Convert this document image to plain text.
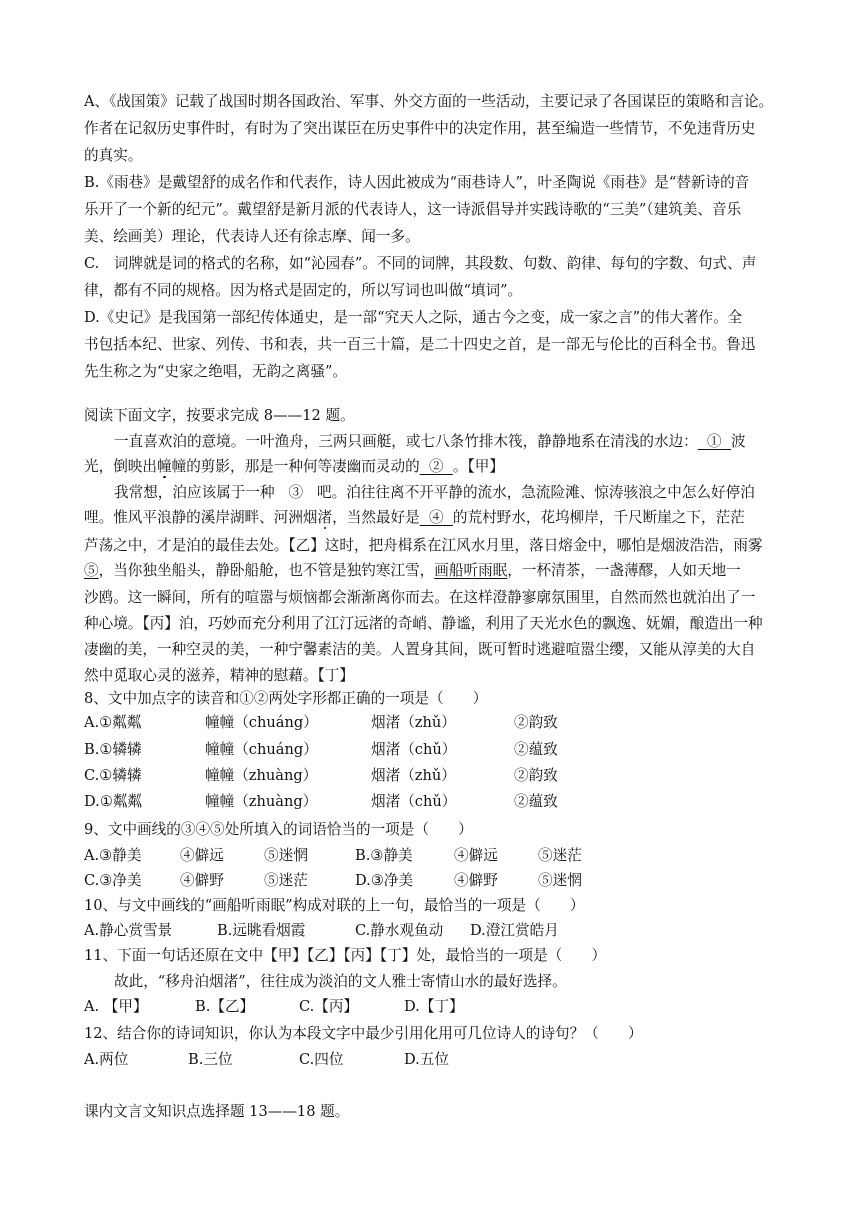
A、《战国策》记载了战国时期各国政治、军事、外交方面的一些活动，主要记录了各国谋臣的策略和言论。
作者在记叙历史事件时，有时为了突出谋臣在历史事件中的决定作用，甚至编造一些情节，不免违背历史
的真实。
B.《雨巷》是戴望舒的成名作和代表作，诗人因此被成为“雨巷诗人”，叶圣陶说《雨巷》是“替新诗的音
乐开了一个新的纪元”。戴望舒是新月派的代表诗人，这一诗派倡导并实践诗歌的“三美”（建筑美、音乐
美、绘画美）理论，代表诗人还有徐志摩、闻一多。
C.　词牌就是词的格式的名称，如“沁园春”。不同的词牌，其段数、句数、韵律、每句的字数、句式、声
律，都有不同的规格。因为格式是固定的，所以写词也叫做“填词”。
D.《史记》是我国第一部纪传体通史，是一部“究天人之际，通古今之变，成一家之言”的伟大著作。全
书包括本纪、世家、列传、书和表，共一百三十篇，是二十四史之首，是一部无与伦比的百科全书。鲁迅
先生称之为“史家之绝唱，无韵之离骚”。
阅读下面文字，按要求完成 8——12 题。
一直喜欢泊的意境。一叶渔舟，三两只画艇，或七八条竹排木筏，静静地系在清浅的水边： ① 波
光，倒映出幢幢的剪影，那是一种何等凄幽而灵动的 ② 。【甲】
我常想，泊应该属于一种 ③ 吧。泊往往离不开平静的流水，急流险滩、惊涛骇浪之中怎么好停泊
哩。惟风平浪静的溪岸湖畔、河洲烟渚，当然最好是 ④ 的荒村野水，花坞柳岸，千尺断崖之下，茫茫
芦荡之中，才是泊的最佳去处。【乙】这时，把舟楫系在江风水月里，落日熔金中，哪怕是烟波浩浩，雨雾
⑤，当你独坐船头，静卧船舱，也不管是独钓寒江雪，画船听雨眠，一杯清茶，一盏薄醪，人如天地一
沙鸥。这一瞬间，所有的喧嚣与烦恼都会渐渐离你而去。在这样澄静寥廓氛围里，自然而然也就泊出了一
种心境。【丙】泊，巧妙而充分利用了江汀远渚的奇峭、静谧，利用了天光水色的飘逸、妩媚，酿造出一种
凄幽的美，一种空灵的美，一种宁馨素洁的美。人置身其间，既可暂时逃避喧嚣尘缨，又能从淳美的大自
然中觅取心灵的滋养，精神的慰藉。【丁】
8、文中加点字的读音和①②两处字形都正确的一项是（　　）
A.①粼粼	幢幢（chuáng）	烟渚（zhǔ）	②韵致
B.①辚辚	幢幢（chuáng）	烟渚（chǔ）	②蕴致
C.①辚辚	幢幢（zhuàng）	烟渚（zhǔ）	②韵致
D.①粼粼	幢幢（zhuàng）	烟渚（chǔ）	②蕴致
9、文中画线的③④⑤处所填入的词语恰当的一项是（　　）
A.③静美	④僻远	⑤迷惘	B.③静美	④僻远	⑤迷茫
C.③净美	④僻野	⑤迷茫	D.③净美	④僻野	⑤迷惘
10、与文中画线的“画船听雨眠”构成对联的上一句，最恰当的一项是（　　）
A.静心赏雪景	B.远眺看烟霞	C.静水观鱼动 D.澄江赏皓月
11、下面一句话还原在文中【甲】【乙】【丙】【丁】处，最恰当的一项是（　　）
故此，“移舟泊烟渚”，往往成为淡泊的文人雅士寄情山水的最好选择。
A. 【甲】	B.【乙】	C.【丙】	D.【丁】
12、结合你的诗词知识，你认为本段文字中最少引用化用可几位诗人的诗句？（　　）
A.两位	B.三位	C.四位	D.五位
课内文言文知识点选择题 13——18 题。
